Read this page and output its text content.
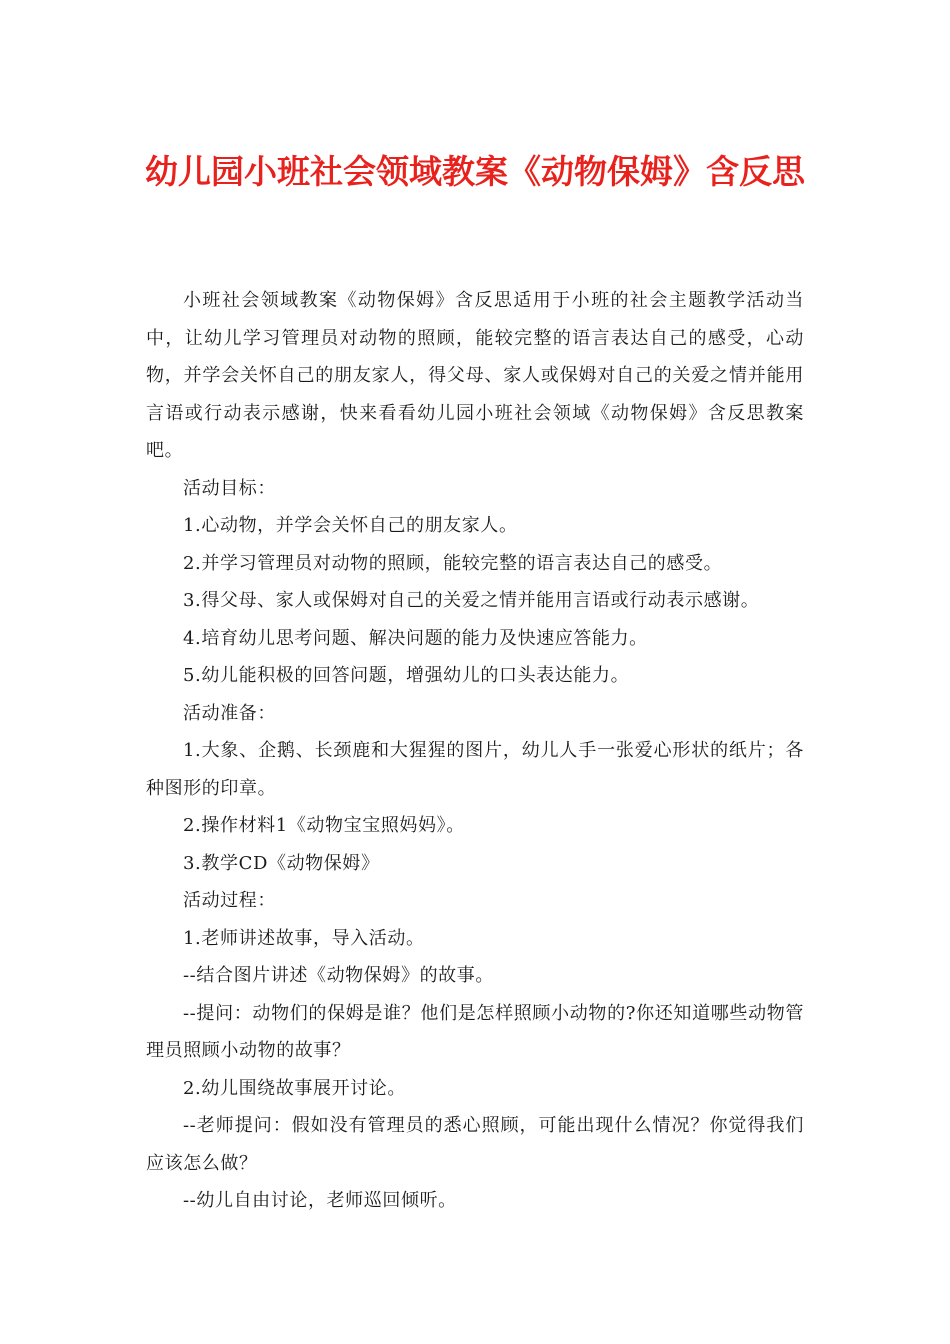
幼儿园小班社会领域教案《动物保姆》含反思

小班社会领域教案《动物保姆》含反思适用于小班的社会主题教学活动当中，让幼儿学习管理员对动物的照顾，能较完整的语言表达自己的感受，心动物，并学会关怀自己的朋友家人，得父母、家人或保姆对自己的关爱之情并能用言语或行动表示感谢，快来看看幼儿园小班社会领域《动物保姆》含反思教案吧。

活动目标：

1.心动物，并学会关怀自己的朋友家人。

2.并学习管理员对动物的照顾，能较完整的语言表达自己的感受。

3.得父母、家人或保姆对自己的关爱之情并能用言语或行动表示感谢。

4.培育幼儿思考问题、解决问题的能力及快速应答能力。

5.幼儿能积极的回答问题，增强幼儿的口头表达能力。

活动准备：

1.大象、企鹅、长颈鹿和大猩猩的图片，幼儿人手一张爱心形状的纸片；各种图形的印章。

2.操作材料1《动物宝宝照妈妈》。

3.教学CD《动物保姆》

活动过程：

1.老师讲述故事，导入活动。

--结合图片讲述《动物保姆》的故事。

--提问：动物们的保姆是谁？他们是怎样照顾小动物的?你还知道哪些动物管理员照顾小动物的故事？

2.幼儿围绕故事展开讨论。

--老师提问：假如没有管理员的悉心照顾，可能出现什么情况？你觉得我们应该怎么做？

--幼儿自由讨论，老师巡回倾听。
